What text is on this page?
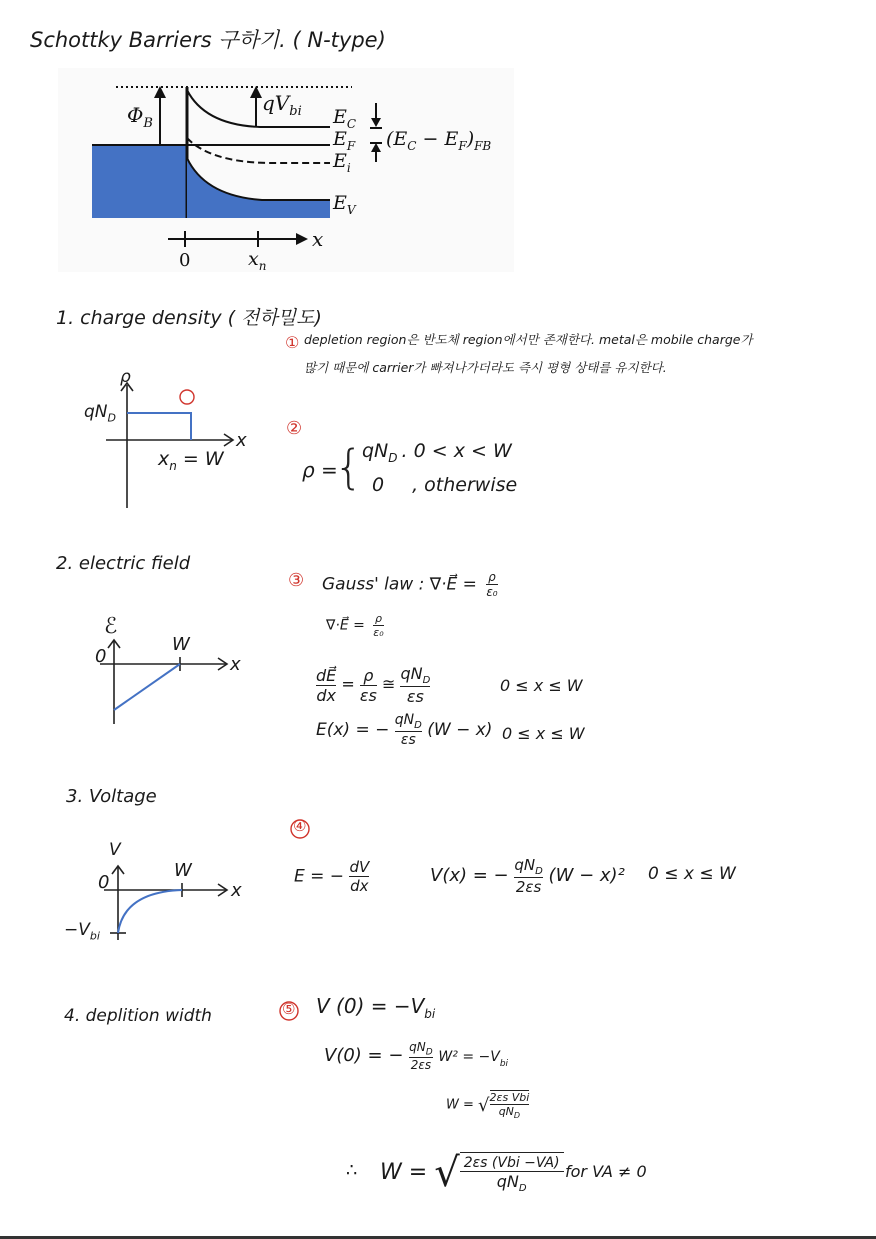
Schottky Barriers 구하기. ( N-type)
$\Phi_B$
$qV_{bi}$ $E_C$
$E_F$
$E_i$
$E_V$
$(E_C - E_F)_{FB}$
x
0	$x_n$
1. charge density ( 전하밀도)
ρ
$qN_D$
x
$x_n = W$
① depletion region은 반도체 region에서만 존재한다. metal은 mobile charge가
많기 때문에 carrier가 빠져나가더라도 즉시 평형 상태를 유지한다.
②
ρ =
{
$qN_D$ . 0 < x < W
0 , otherwise
2. electric field
ℰ
0
W
x
③ Gauss' law : ∇·E⃗ = $\frac{\rho}{\text{ε₀}}$
∇·E⃗ = $\frac{\rho}{\text{ε₀}}$
$\frac{dE⃗}{dx} = \frac{\rho}{\varepsilon s}$ ≅
$qN_D$
εs
0 ≤ x ≤ W
E(x) = − $qN_D$
εs (W − x) 0 ≤ x ≤ W
3. Voltage
V
0
W
x
$-V_{bi}$
④
E = − $\frac{dV}{dx}$	V(x) = − $qN_D$
2εs
(W − x)² 0 ≤ x ≤ W
4. deplition width	⑤ V $(0) = -V_{bi}$
V(0) = − $qN_D$
2εs
$W^2 = -V_{bi}$
W = √ 2εs Vbi
$qN_D$
∴ W = √ 2εs (Vbi −VA)
$qN_D$
for VA ≠ 0
